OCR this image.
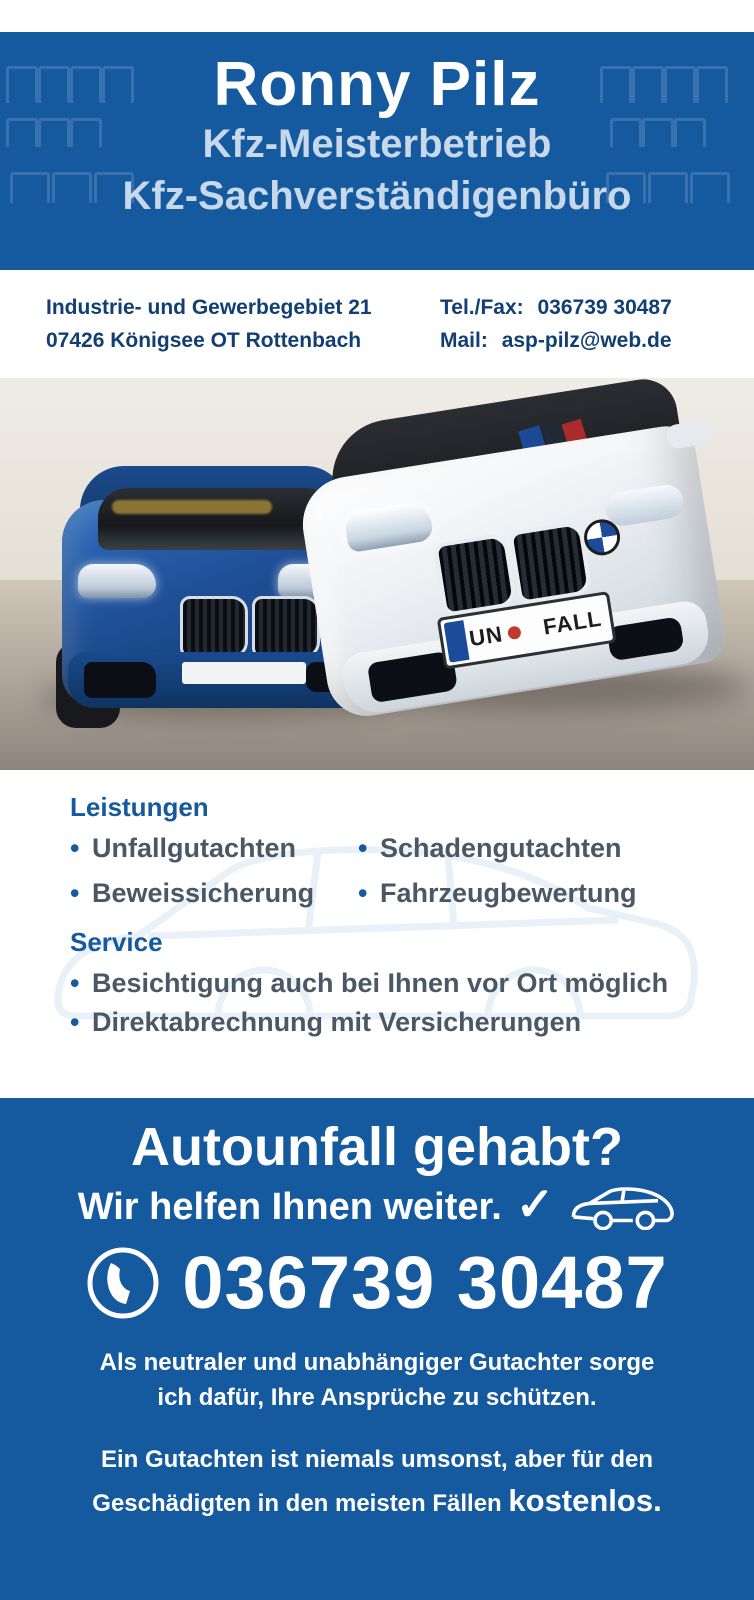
Ronny Pilz
Kfz-Meisterbetrieb
Kfz-Sachverständigenbüro
Industrie- und Gewerbegebiet 21
07426 Königsee OT Rottenbach
Tel./Fax: 036739 30487
Mail: asp-pilz@web.de
UN	FALL
Leistungen
• Unfallgutachten	• Schadengutachten
• Beweissicherung	• Fahrzeugbewertung
Service
• Besichtigung auch bei Ihnen vor Ort möglich
• Direktabrechnung mit Versicherungen
Autounfall gehabt?
Wir helfen Ihnen weiter. ✓
036739 30487
Als neutraler und unabhängiger Gutachter sorge
ich dafür, Ihre Ansprüche zu schützen.
Ein Gutachten ist niemals umsonst, aber für den
Geschädigten in den meisten Fällen kostenlos.
